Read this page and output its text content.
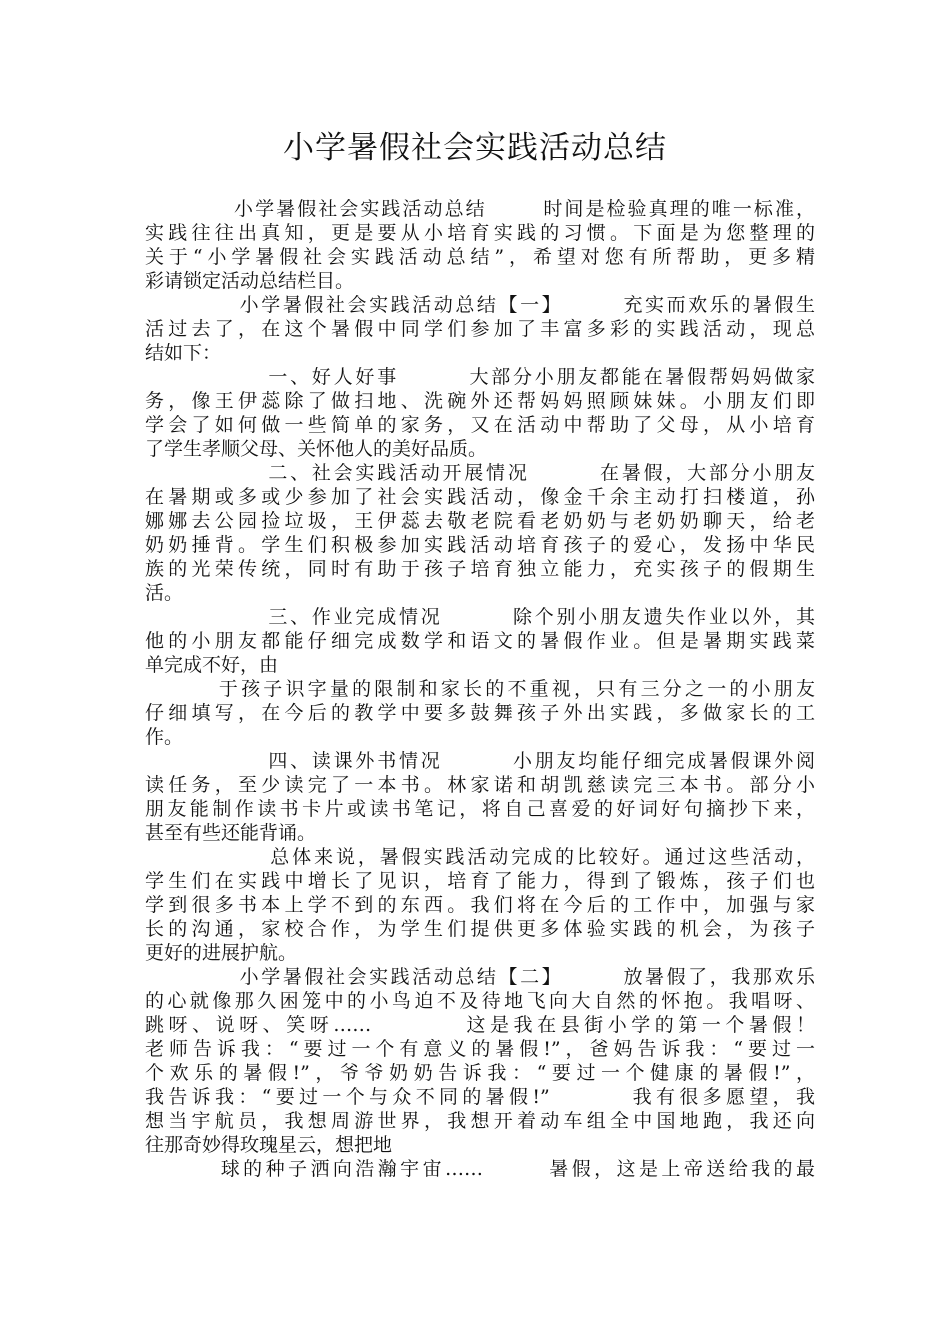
小学暑假社会实践活动总结
小学暑假社会实践活动总结       时间是检验真理的唯一标准，
实践往往出真知，更是要从小培育实践的习惯。下面是为您整理的
关于“小学暑假社会实践活动总结”，希望对您有所帮助，更多精
彩请锁定活动总结栏目。
小学暑假社会实践活动总结【一】       充实而欢乐的暑假生
活过去了，在这个暑假中同学们参加了丰富多彩的实践活动，现总
结如下：
一、好人好事        大部分小朋友都能在暑假帮妈妈做家
务，像王伊蕊除了做扫地、洗碗外还帮妈妈照顾妹妹。小朋友们即
学会了如何做一些简单的家务，又在活动中帮助了父母，从小培育
了学生孝顺父母、关怀他人的美好品质。
二、社会实践活动开展情况        在暑假，大部分小朋友
在暑期或多或少参加了社会实践活动，像金千余主动打扫楼道，孙
娜娜去公园捡垃圾，王伊蕊去敬老院看老奶奶与老奶奶聊天，给老
奶奶捶背。学生们积极参加实践活动培育孩子的爱心，发扬中华民
族的光荣传统，同时有助于孩子培育独立能力，充实孩子的假期生
活。
三、作业完成情况        除个别小朋友遗失作业以外，其
他的小朋友都能仔细完成数学和语文的暑假作业。但是暑期实践菜
单完成不好，由
于孩子识字量的限制和家长的不重视，只有三分之一的小朋友
仔细填写，在今后的教学中要多鼓舞孩子外出实践，多做家长的工
作。
四、读课外书情况        小朋友均能仔细完成暑假课外阅
读任务，至少读完了一本书。林家诺和胡凯慈读完三本书。部分小
朋友能制作读书卡片或读书笔记，将自己喜爱的好词好句摘抄下来，
甚至有些还能背诵。
总体来说，暑假实践活动完成的比较好。通过这些活动，
学生们在实践中增长了见识，培育了能力，得到了锻炼，孩子们也
学到很多书本上学不到的东西。我们将在今后的工作中，加强与家
长的沟通，家校合作，为学生们提供更多体验实践的机会，为孩子
更好的进展护航。
小学暑假社会实践活动总结【二】       放暑假了，我那欢乐
的心就像那久困笼中的小鸟迫不及待地飞向大自然的怀抱。我唱呀、
跳呀、说呀、笑呀……         这是我在县街小学的第一个暑假！
老师告诉我：“要过一个有意义的暑假!”，爸妈告诉我：“要过一
个欢乐的暑假!”，爷爷奶奶告诉我：“要过一个健康的暑假!”，
我告诉我：“要过一个与众不同的暑假!”        我有很多愿望，我
想当宇航员，我想周游世界，我想开着动车组全中国地跑，我还向
往那奇妙得玫瑰星云，想把地
球的种子洒向浩瀚宇宙……       暑假，这是上帝送给我的最
